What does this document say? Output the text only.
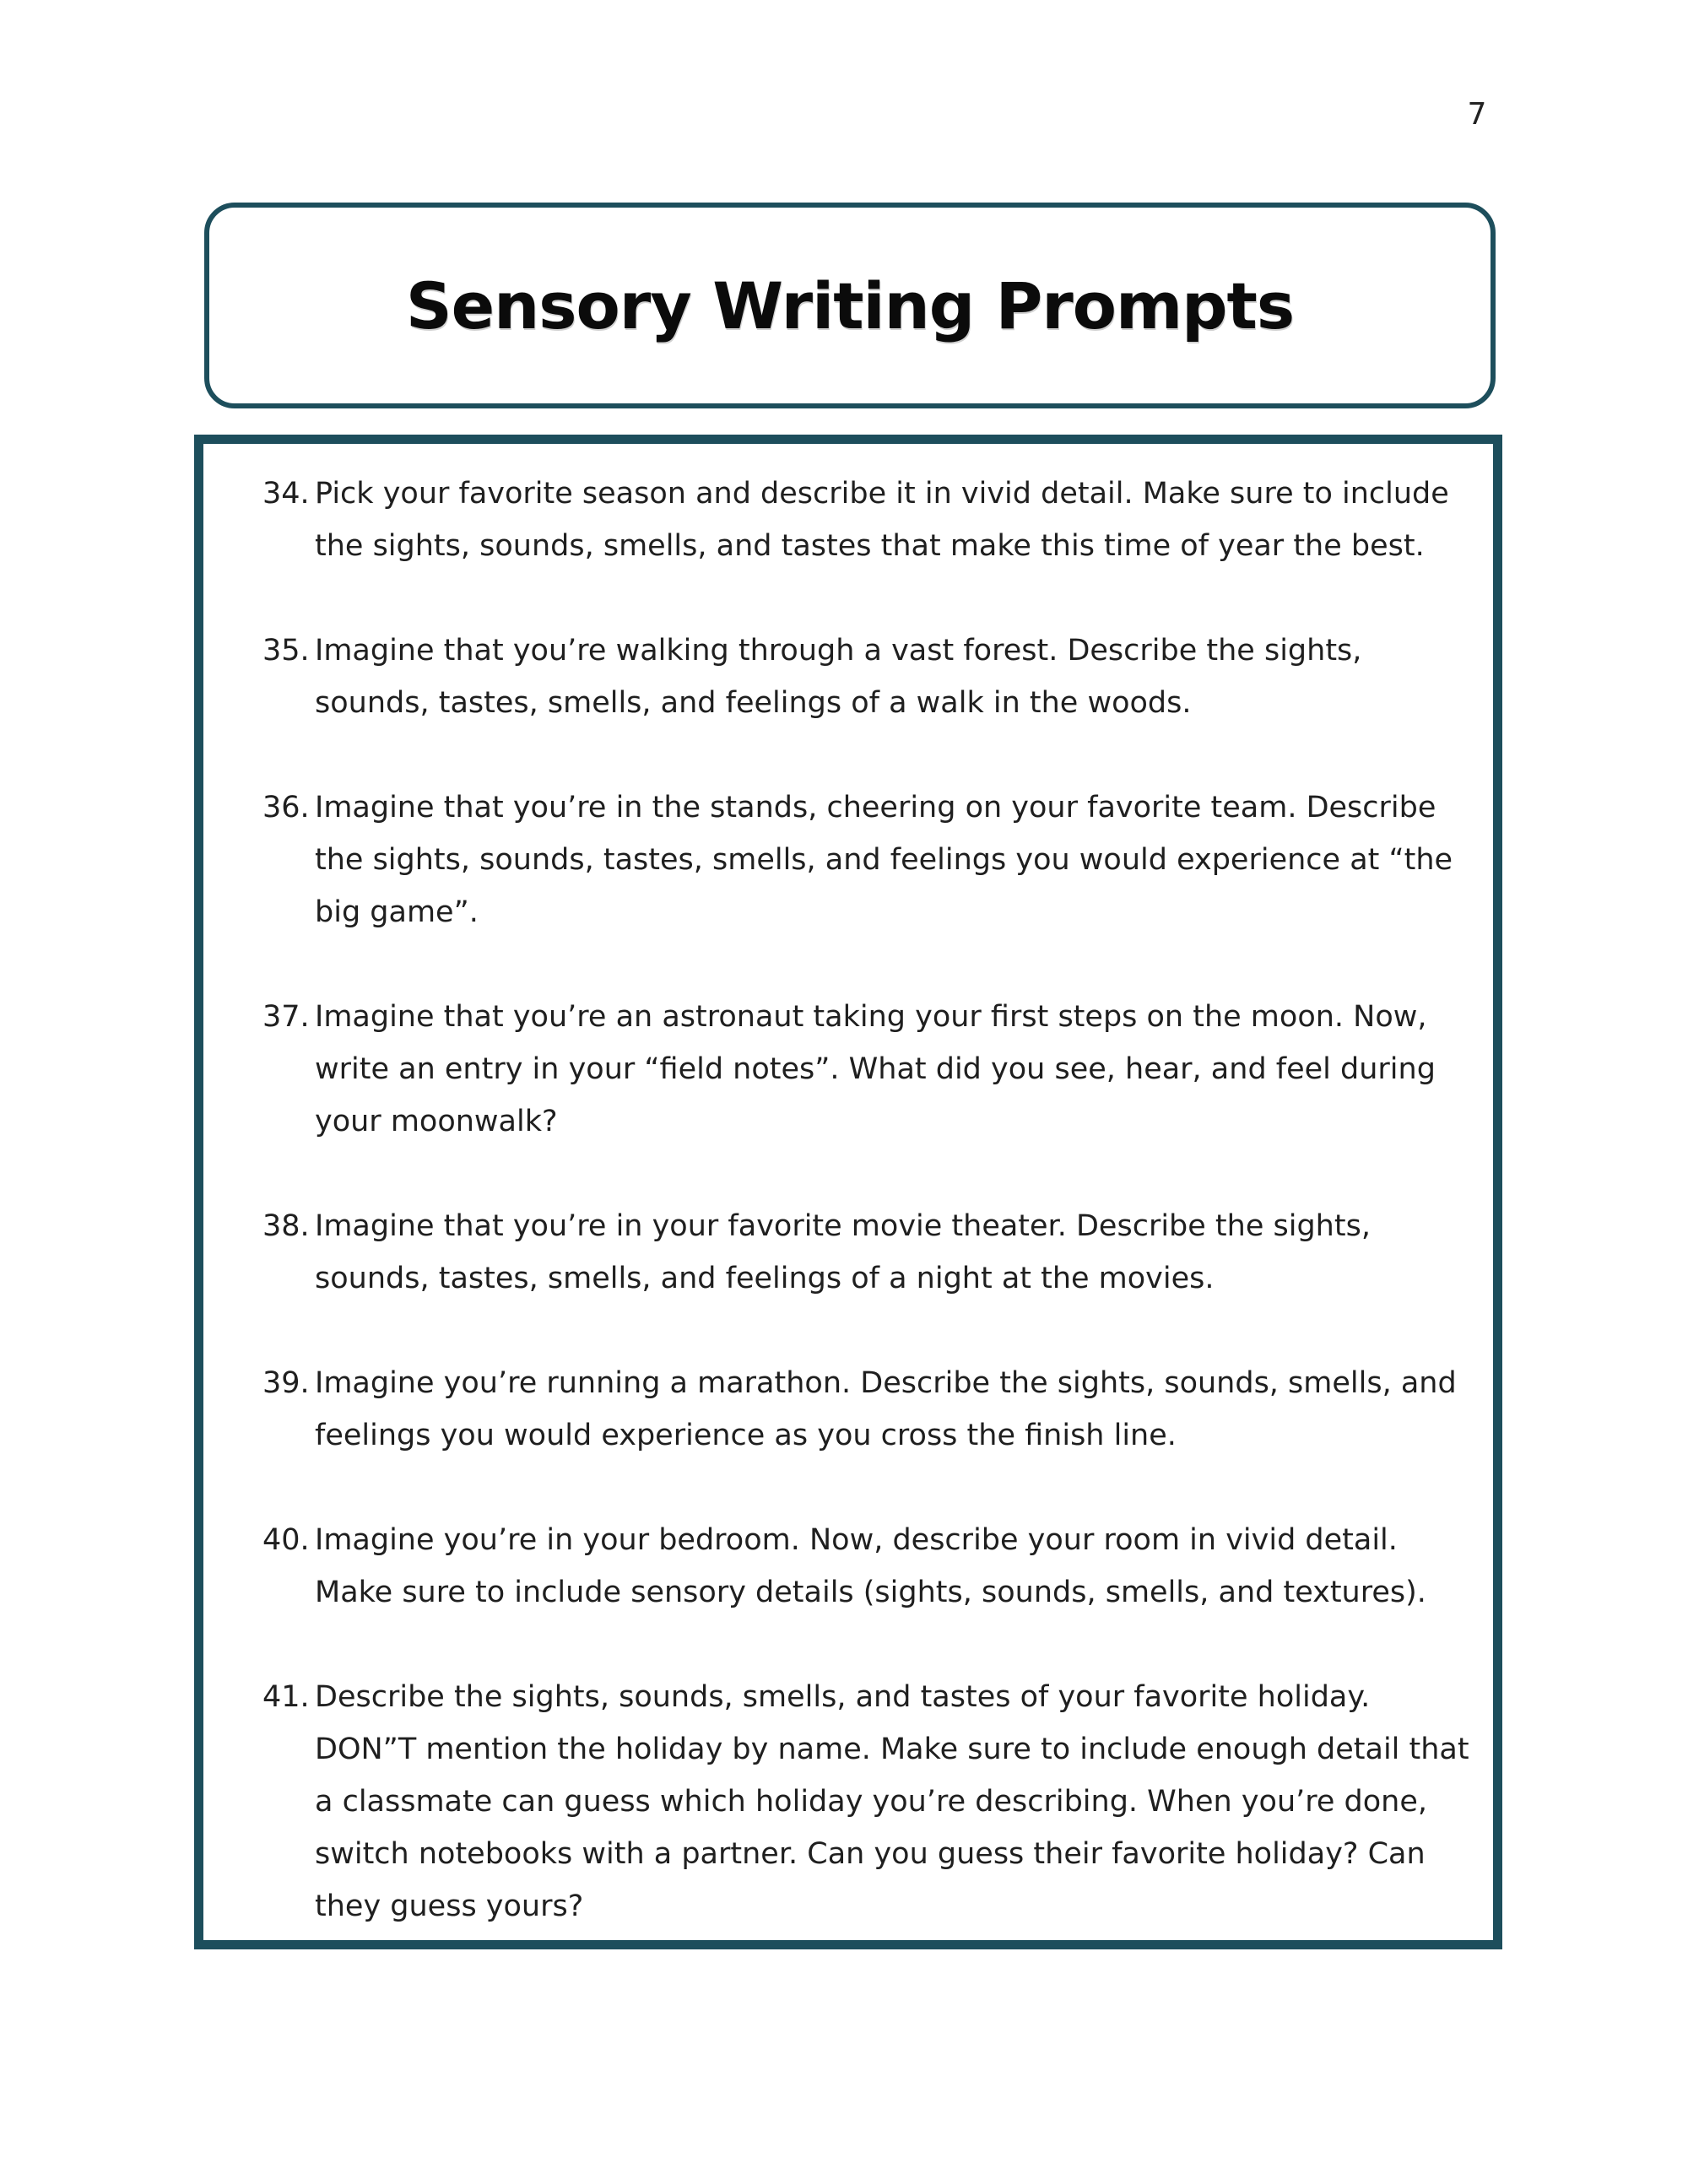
7
Sensory Writing Prompts
34. Pick your favorite season and describe it in vivid detail. Make sure to include the sights, sounds, smells, and tastes that make this time of year the best.
35. Imagine that you’re walking through a vast forest. Describe the sights, sounds, tastes, smells, and feelings of a walk in the woods.
36. Imagine that you’re in the stands, cheering on your favorite team. Describe the sights, sounds, tastes, smells, and feelings you would experience at “the big game”.
37. Imagine that you’re an astronaut taking your first steps on the moon. Now, write an entry in your “field notes”. What did you see, hear, and feel during your moonwalk?
38. Imagine that you’re in your favorite movie theater. Describe the sights, sounds, tastes, smells, and feelings of a night at the movies.
39. Imagine you’re running a marathon. Describe the sights, sounds, smells, and feelings you would experience as you cross the finish line.
40. Imagine you’re in your bedroom. Now, describe your room in vivid detail. Make sure to include sensory details (sights, sounds, smells, and textures).
41. Describe the sights, sounds, smells, and tastes of your favorite holiday. DON”T mention the holiday by name. Make sure to include enough detail that a classmate can guess which holiday you’re describing. When you’re done, switch notebooks with a partner. Can you guess their favorite holiday? Can they guess yours?
